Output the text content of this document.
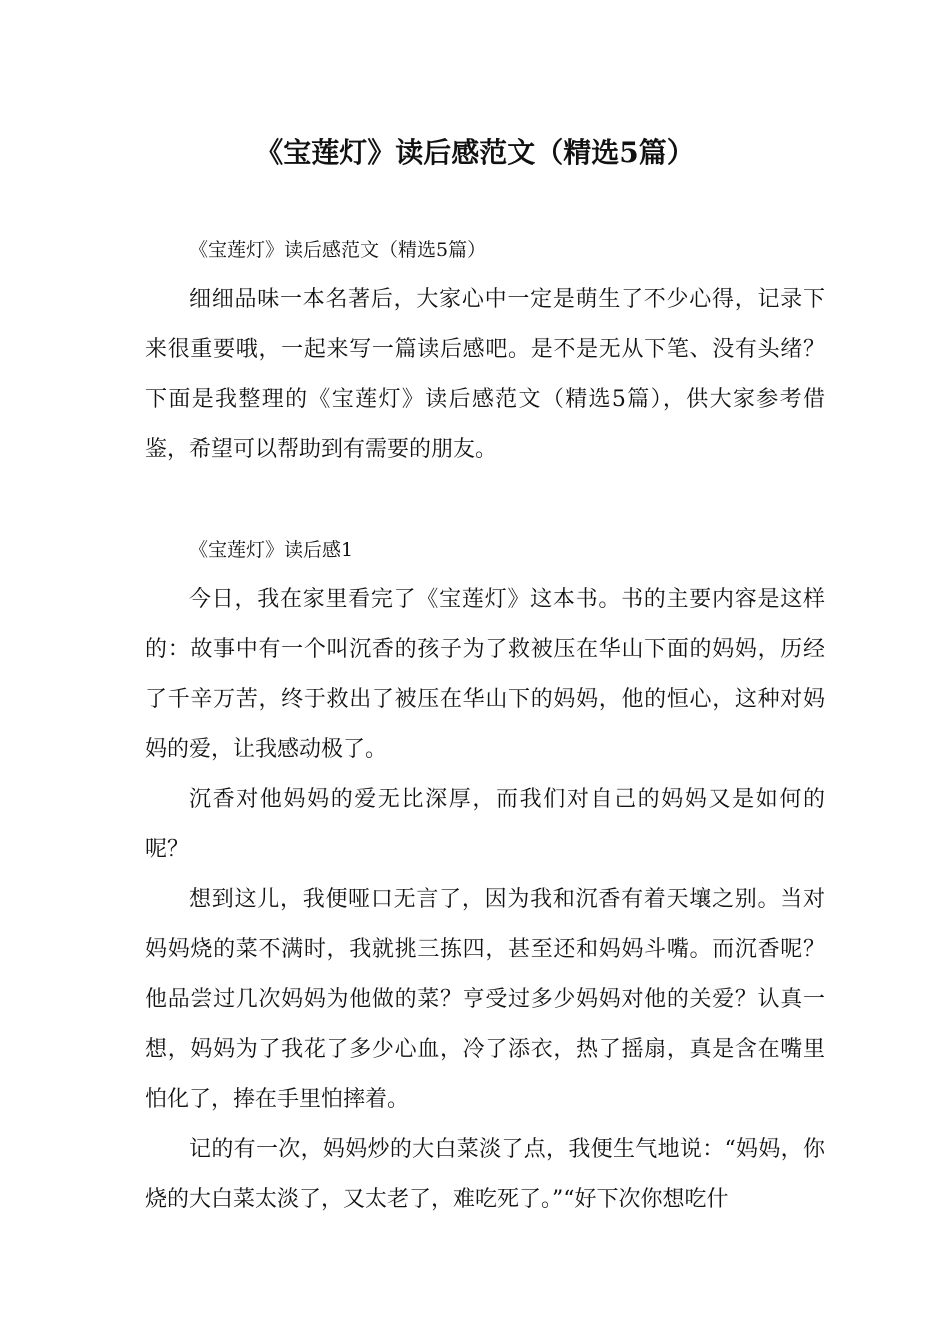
《宝莲灯》读后感范文（精选5篇）

《宝莲灯》读后感范文（精选5篇）

细细品味一本名著后，大家心中一定是萌生了不少心得，记录下来很重要哦，一起来写一篇读后感吧。是不是无从下笔、没有头绪？下面是我整理的《宝莲灯》读后感范文（精选5篇），供大家参考借鉴，希望可以帮助到有需要的朋友。

《宝莲灯》读后感1

今日，我在家里看完了《宝莲灯》这本书。书的主要内容是这样的：故事中有一个叫沉香的孩子为了救被压在华山下面的妈妈，历经了千辛万苦，终于救出了被压在华山下的妈妈，他的恒心，这种对妈妈的爱，让我感动极了。

沉香对他妈妈的爱无比深厚，而我们对自己的妈妈又是如何的呢？

想到这儿，我便哑口无言了，因为我和沉香有着天壤之别。当对妈妈烧的菜不满时，我就挑三拣四，甚至还和妈妈斗嘴。而沉香呢？他品尝过几次妈妈为他做的菜？亨受过多少妈妈对他的关爱？认真一想，妈妈为了我花了多少心血，冷了添衣，热了摇扇，真是含在嘴里怕化了，捧在手里怕摔着。

记的有一次，妈妈炒的大白菜淡了点，我便生气地说：“妈妈，你烧的大白菜太淡了，又太老了，难吃死了。”“好下次你想吃什
